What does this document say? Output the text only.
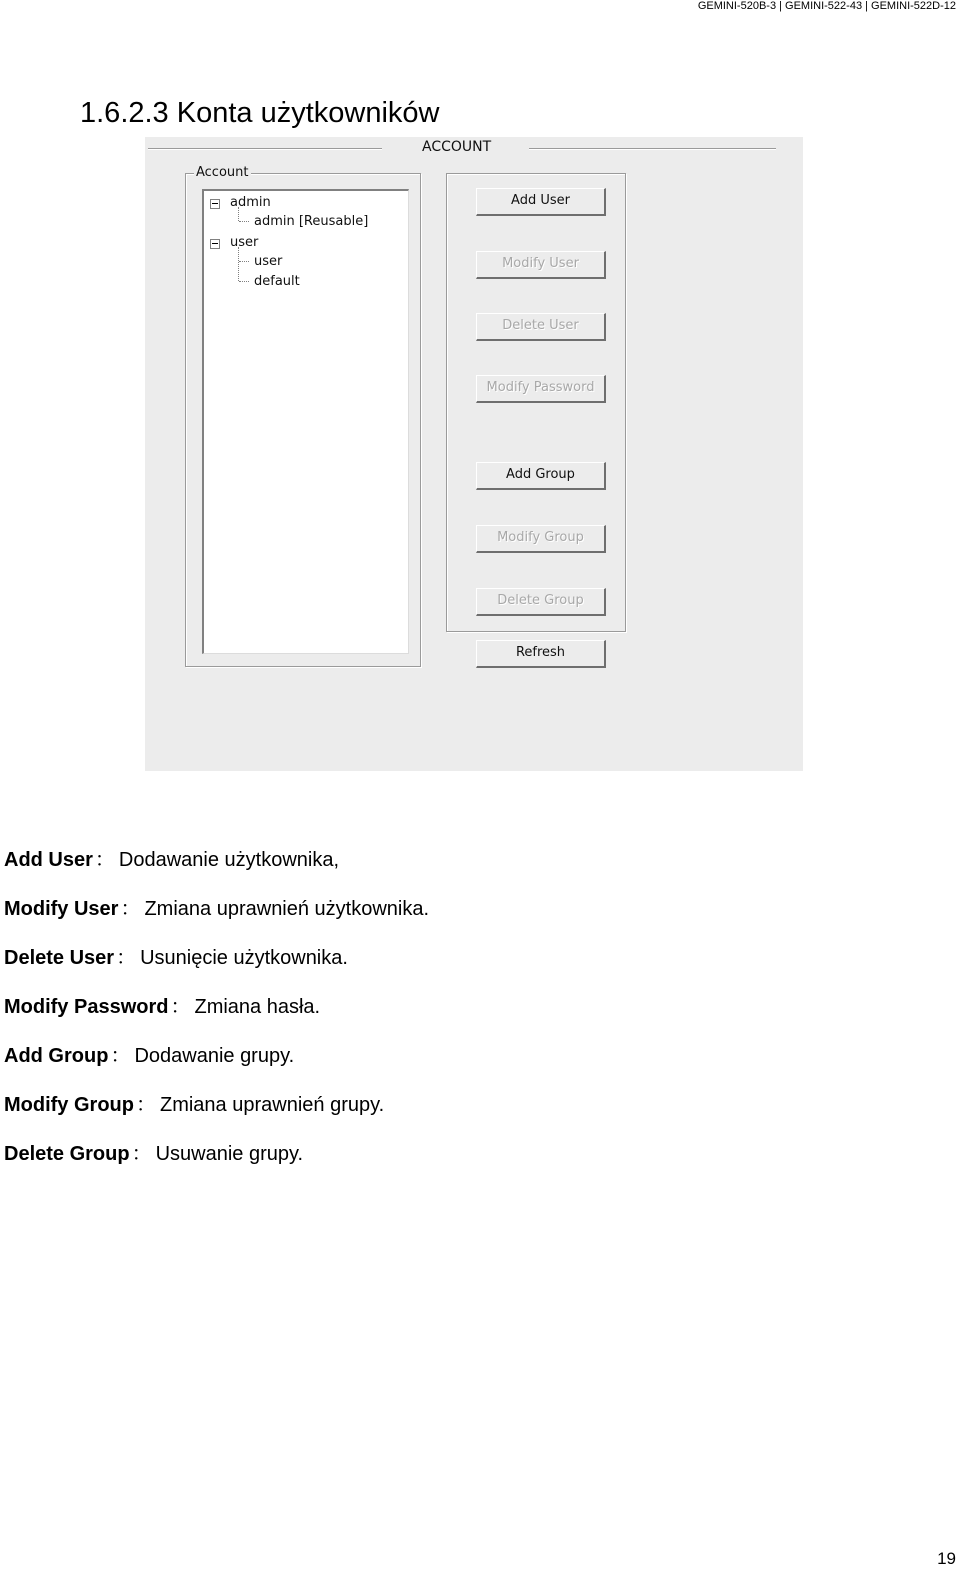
GEMINI-520B-3 | GEMINI-522-43 | GEMINI-522D-12
1.6.2.3 Konta użytkowników
ACCOUNT
Account
admin
admin [Reusable]
user
user
default
Add User
Modify User
Delete User
Modify Password
Add Group
Modify Group
Delete Group
Refresh
Add User ： Dodawanie użytkownika,
Modify User ： Zmiana uprawnień użytkownika.
Delete User ： Usunięcie użytkownika.
Modify Password ： Zmiana hasła.
Add Group ： Dodawanie grupy.
Modify Group ： Zmiana uprawnień grupy.
Delete Group ： Usuwanie grupy.
19
